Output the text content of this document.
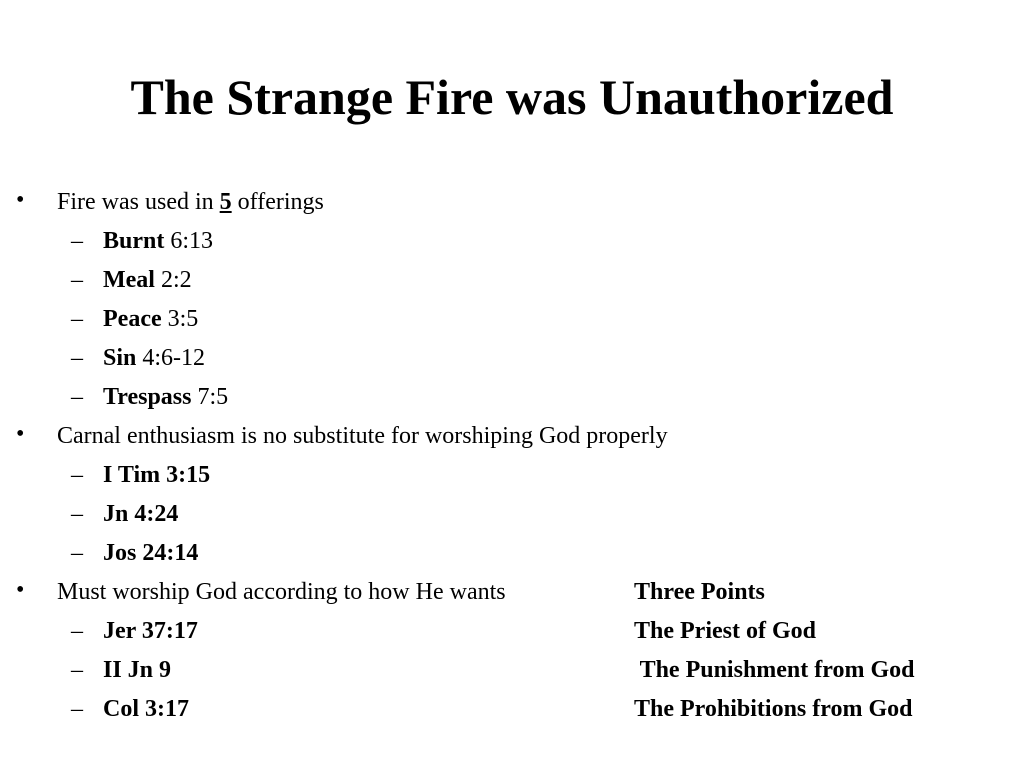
The Strange Fire was Unauthorized
• Fire was used in 5 offerings
– Burnt 6:13
– Meal 2:2
– Peace 3:5
– Sin 4:6-12
– Trespass 7:5
• Carnal enthusiasm is no substitute for worshiping God properly
– I Tim 3:15
– Jn 4:24
– Jos 24:14
• Must worship God according to how He wants
– Jer 37:17
– II Jn 9
– Col 3:17
Three Points
The Priest of God
The Punishment from God
The Prohibitions from God
